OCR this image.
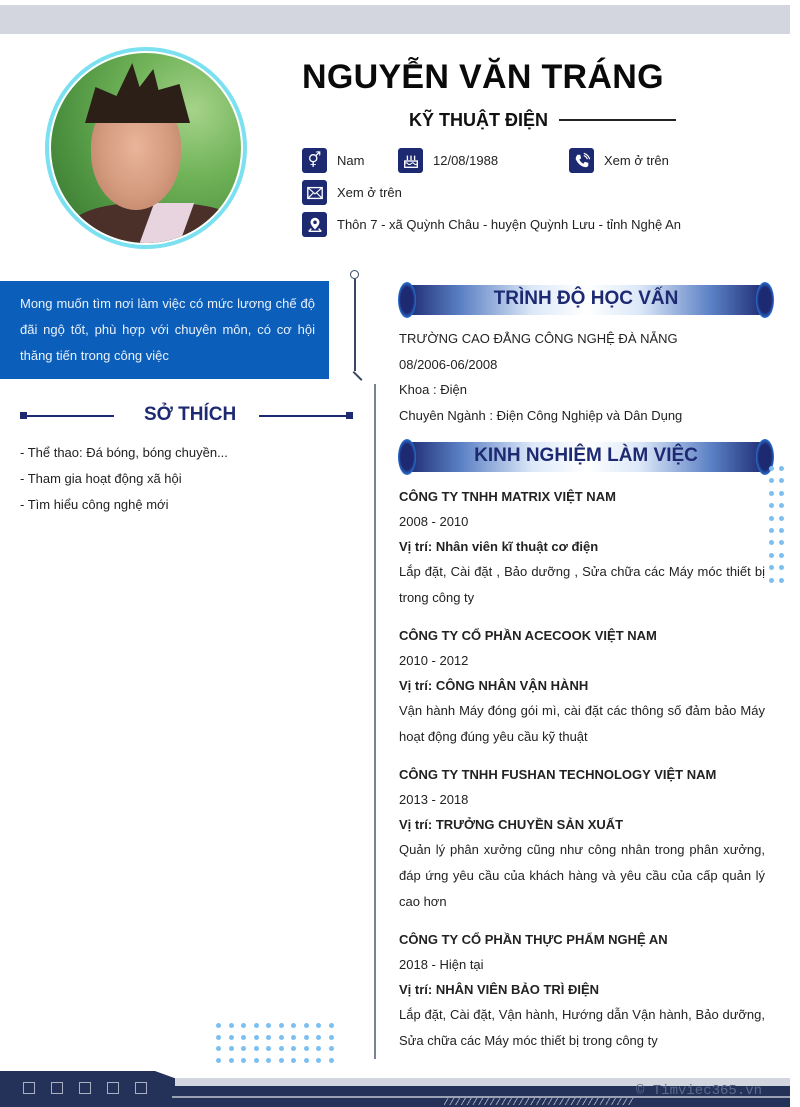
NGUYỄN VĂN TRÁNG
KỸ THUẬT ĐIỆN
⚥	Nam	12/08/1988	Xem ở trên
Xem ở trên
Thôn 7 - xã Quỳnh Châu - huyện Quỳnh Lưu - tỉnh Nghệ An
Mong muốn tìm nơi làm việc có mức lương chế độ đãi ngộ tốt, phù hợp với chuyên môn, có cơ hội thăng tiến trong công việc
SỞ THÍCH
- Thể thao: Đá bóng, bóng chuyền...
- Tham gia hoạt động xã hội
- Tìm hiểu công nghệ mới
TRÌNH ĐỘ HỌC VẤN
TRƯỜNG CAO ĐẲNG CÔNG NGHỆ ĐÀ NẴNG
08/2006-06/2008
Khoa : Điện
Chuyên Ngành : Điện Công Nghiệp và Dân Dụng
KINH NGHIỆM LÀM VIỆC
CÔNG TY TNHH MATRIX VIỆT NAM
2008 - 2010
Vị trí: Nhân viên kĩ thuật cơ điện
Lắp đặt, Cài đặt , Bảo dưỡng , Sửa chữa các Máy móc thiết bị trong công ty
CÔNG TY CỔ PHẦN ACECOOK VIỆT NAM
2010 - 2012
Vị trí: CÔNG NHÂN VẬN HÀNH
Vận hành Máy đóng gói mì, cài đặt các thông số đảm bảo Máy hoạt động đúng yêu cầu kỹ thuật
CÔNG TY TNHH FUSHAN TECHNOLOGY VIỆT NAM
2013 - 2018
Vị trí: TRƯỞNG CHUYỀN SẢN XUẤT
Quản lý phân xưởng cũng như công nhân trong phân xưởng, đáp ứng yêu cầu của khách hàng và yêu cầu của cấp quản lý cao hơn
CÔNG TY CỔ PHẦN THỰC PHẨM NGHỆ AN
2018 - Hiện tại
Vị trí: NHÂN VIÊN BẢO TRÌ ĐIỆN
Lắp đặt, Cài đặt, Vận hành, Hướng dẫn Vận hành, Bảo dưỡng, Sửa chữa các Máy móc thiết bị trong công ty
© Timviec365.vn
